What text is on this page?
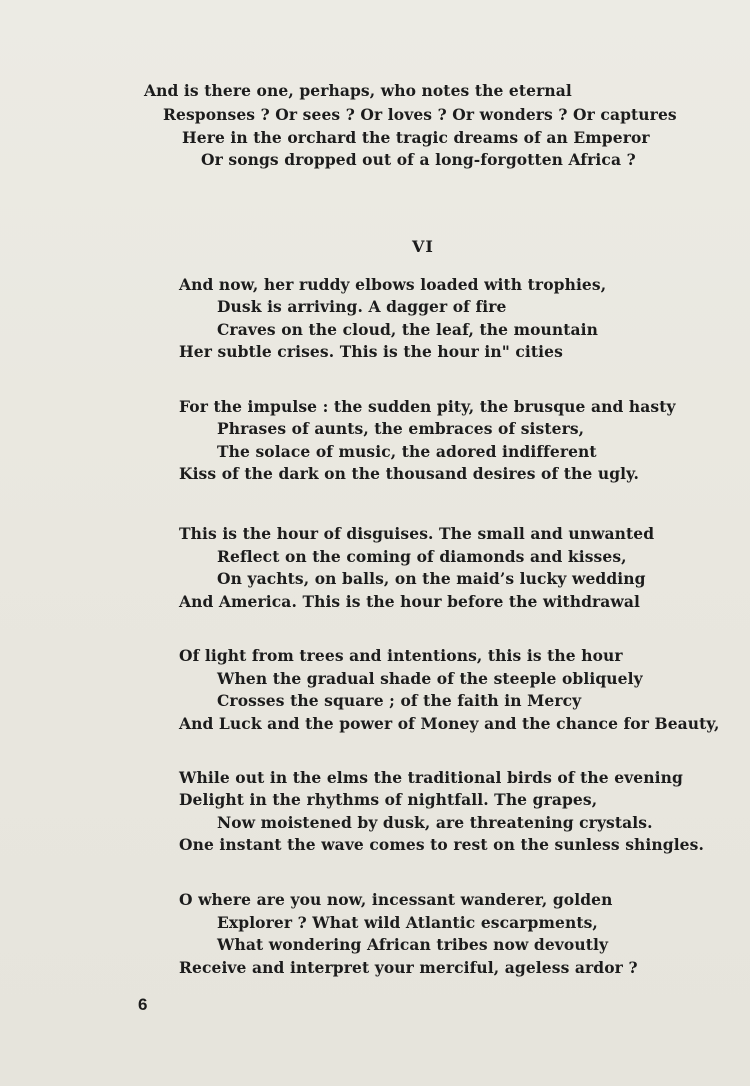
And is there one, perhaps, who notes the eternal
Responses ? Or sees ? Or loves ? Or wonders ? Or captures
Here in the orchard the tragic dreams of an Emperor
Or songs dropped out of a long-forgotten Africa ?
VI
And now, her ruddy elbows loaded with trophies,
Dusk is arriving. A dagger of fire
Craves on the cloud, the leaf, the mountain
Her subtle crises. This is the hour in" cities
For the impulse : the sudden pity, the brusque and hasty
Phrases of aunts, the embraces of sisters,
The solace of music, the adored indifferent
Kiss of the dark on the thousand desires of the ugly.
This is the hour of disguises. The small and unwanted
Reflect on the coming of diamonds and kisses,
On yachts, on balls, on the maid’s lucky wedding
And America. This is the hour before the withdrawal
Of light from trees and intentions, this is the hour
When the gradual shade of the steeple obliquely
Crosses the square ; of the faith in Mercy
And Luck and the power of Money and the chance for Beauty,
While out in the elms the traditional birds of the evening
Delight in the rhythms of nightfall. The grapes,
Now moistened by dusk, are threatening crystals.
One instant the wave comes to rest on the sunless shingles.
O where are you now, incessant wanderer, golden
Explorer ? What wild Atlantic escarpments,
What wondering African tribes now devoutly
Receive and interpret your merciful, ageless ardor ?
6
